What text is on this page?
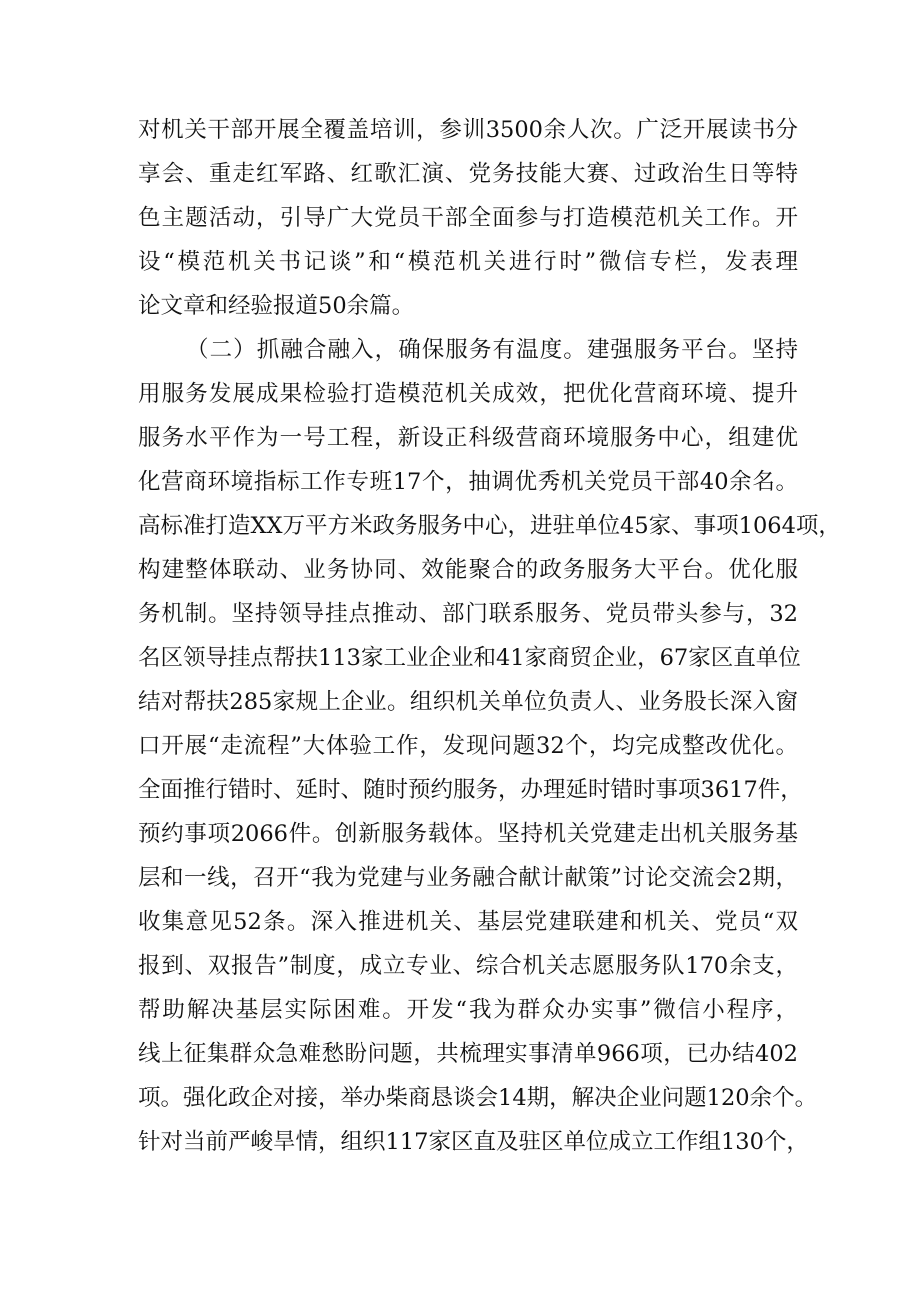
对机关干部开展全覆盖培训，参训3500余人次。广泛开展读书分
享会、重走红军路、红歌汇演、党务技能大赛、过政治生日等特
色主题活动，引导广大党员干部全面参与打造模范机关工作。开
设“模范机关书记谈”和“模范机关进行时”微信专栏，发表理
论文章和经验报道50余篇。
（二）抓融合融入，确保服务有温度。建强服务平台。坚持
用服务发展成果检验打造模范机关成效，把优化营商环境、提升
服务水平作为一号工程，新设正科级营商环境服务中心，组建优
化营商环境指标工作专班17个，抽调优秀机关党员干部40余名。
高标准打造XX万平方米政务服务中心，进驻单位45家、事项1064项，
构建整体联动、业务协同、效能聚合的政务服务大平台。优化服
务机制。坚持领导挂点推动、部门联系服务、党员带头参与，32
名区领导挂点帮扶113家工业企业和41家商贸企业，67家区直单位
结对帮扶285家规上企业。组织机关单位负责人、业务股长深入窗
口开展“走流程”大体验工作，发现问题32个，均完成整改优化。
全面推行错时、延时、随时预约服务，办理延时错时事项3617件，
预约事项2066件。创新服务载体。坚持机关党建走出机关服务基
层和一线，召开“我为党建与业务融合献计献策”讨论交流会2期，
收集意见52条。深入推进机关、基层党建联建和机关、党员“双
报到、双报告”制度，成立专业、综合机关志愿服务队170余支，
帮助解决基层实际困难。开发“我为群众办实事”微信小程序，
线上征集群众急难愁盼问题，共梳理实事清单966项，已办结402
项。强化政企对接，举办柴商恳谈会14期，解决企业问题120余个。
针对当前严峻旱情，组织117家区直及驻区单位成立工作组130个，
